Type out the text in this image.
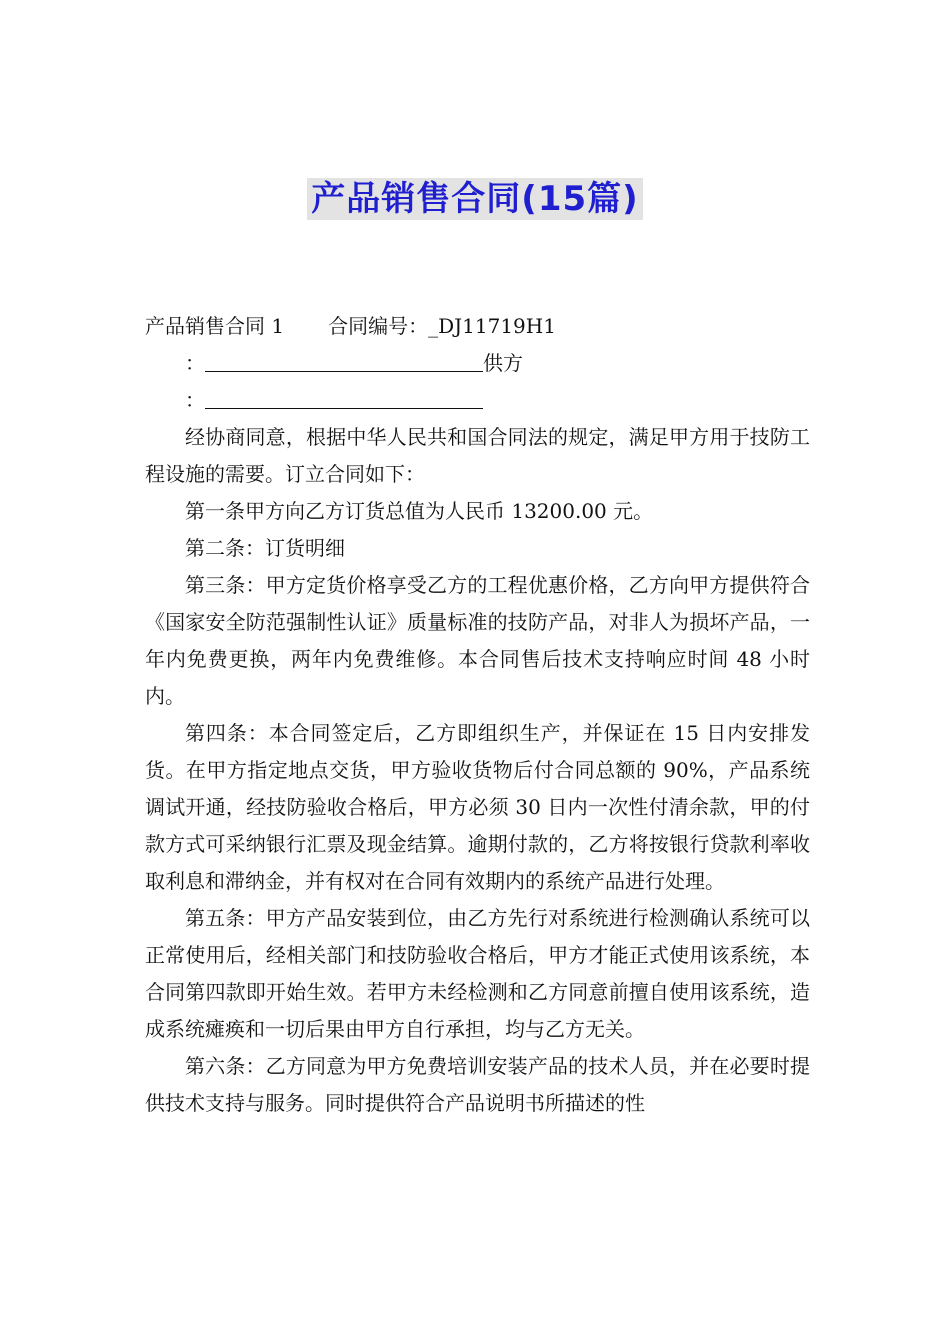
产品销售合同(15篇)
产品销售合同 1 合同编号：_DJ11719H1
：	供方
：

经协商同意，根据中华人民共和国合同法的规定，满足甲方用于技防工程设施的需要。订立合同如下：

第一条甲方向乙方订货总值为人民币 13200.00 元。

第二条：订货明细

第三条：甲方定货价格享受乙方的工程优惠价格，乙方向甲方提供符合《国家安全防范强制性认证》质量标准的技防产品，对非人为损坏产品，一年内免费更换，两年内免费维修。本合同售后技术支持响应时间 48 小时内。

第四条：本合同签定后，乙方即组织生产，并保证在 15 日内安排发货。在甲方指定地点交货，甲方验收货物后付合同总额的 90%，产品系统调试开通，经技防验收合格后，甲方必须 30 日内一次性付清余款，甲的付款方式可采纳银行汇票及现金结算。逾期付款的，乙方将按银行贷款利率收取利息和滞纳金，并有权对在合同有效期内的系统产品进行处理。

第五条：甲方产品安装到位，由乙方先行对系统进行检测确认系统可以正常使用后，经相关部门和技防验收合格后，甲方才能正式使用该系统，本合同第四款即开始生效。若甲方未经检测和乙方同意前擅自使用该系统，造成系统瘫痪和一切后果由甲方自行承担，均与乙方无关。

第六条：乙方同意为甲方免费培训安装产品的技术人员，并在必要时提供技术支持与服务。同时提供符合产品说明书所描述的性
